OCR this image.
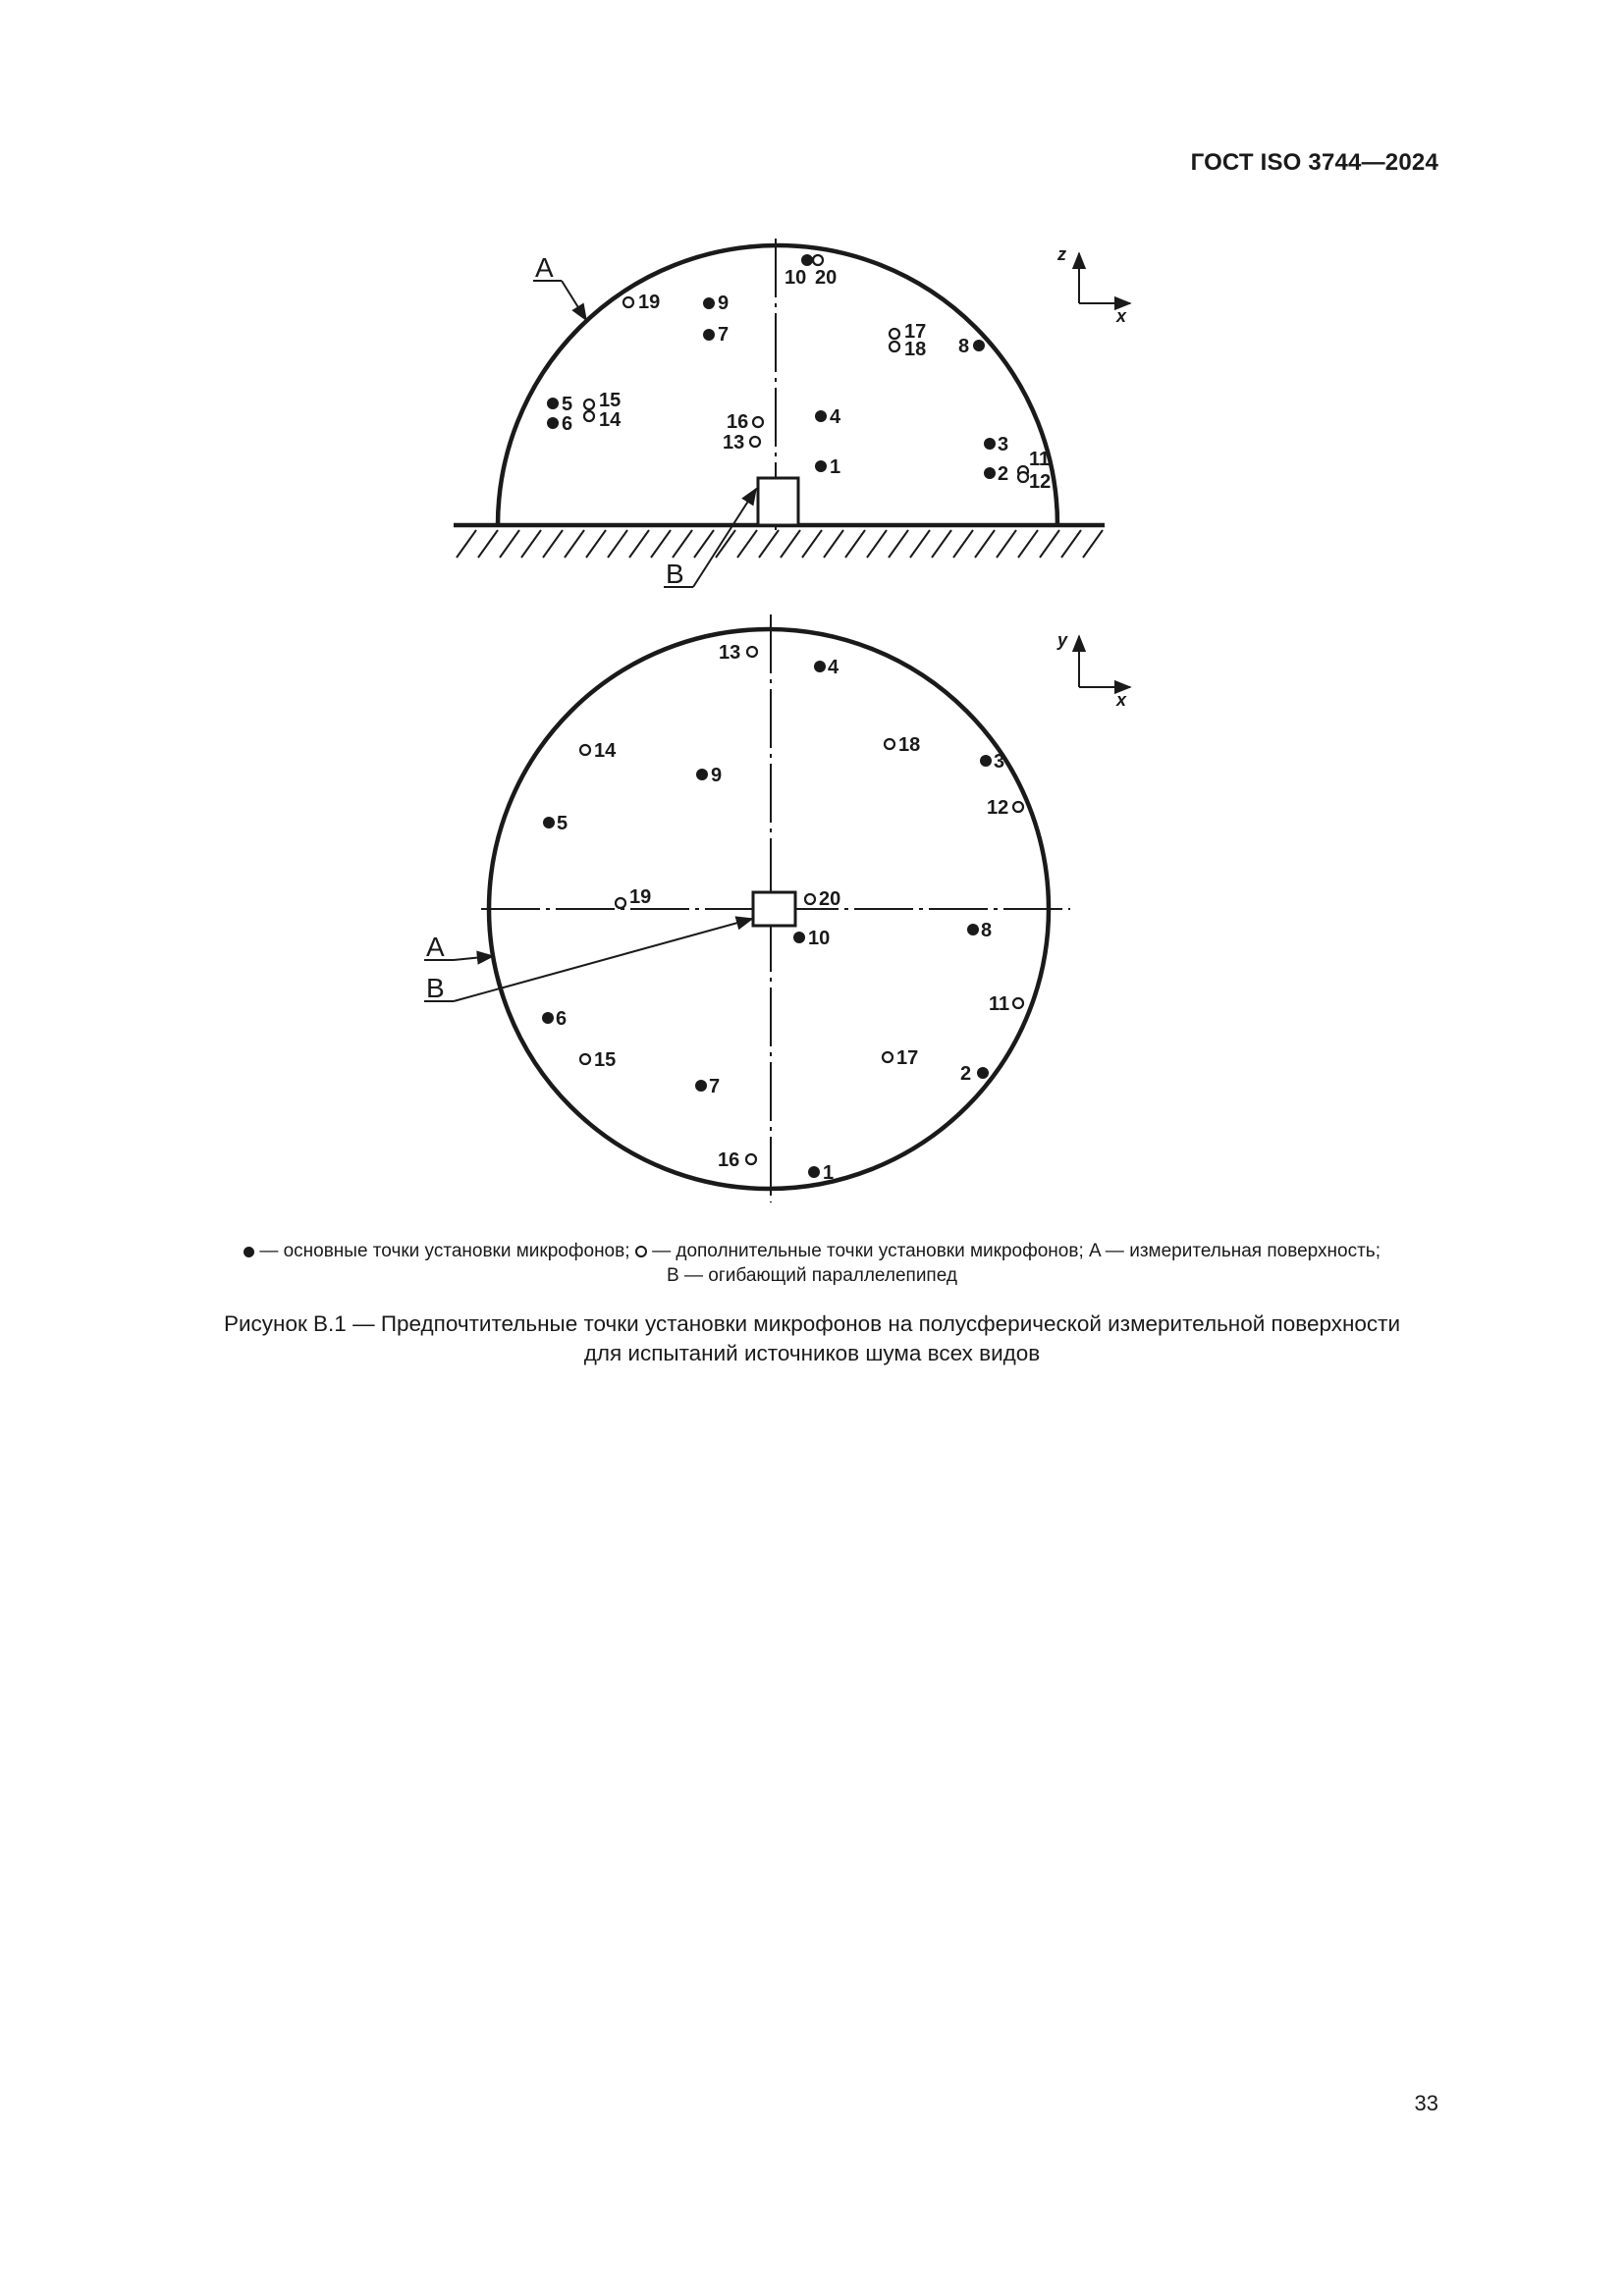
ГОСТ ISO 3744—2024
A
B
z
x
10 20
19	9
7	17
18 8
5 15
6 14	16
13
4
3
1	2
11
12
A
B
y
x
13
4
14
9
18
3
12
5
19	20
10	8
11
6
15	17
2
7
16
1
— основные точки установки микрофонов; — дополнительные точки установки микрофонов; A — измерительная поверхность;
B — огибающий параллелепипед
Рисунок B.1 — Предпочтительные точки установки микрофонов на полусферической измерительной поверхности
для испытаний источников шума всех видов
33
